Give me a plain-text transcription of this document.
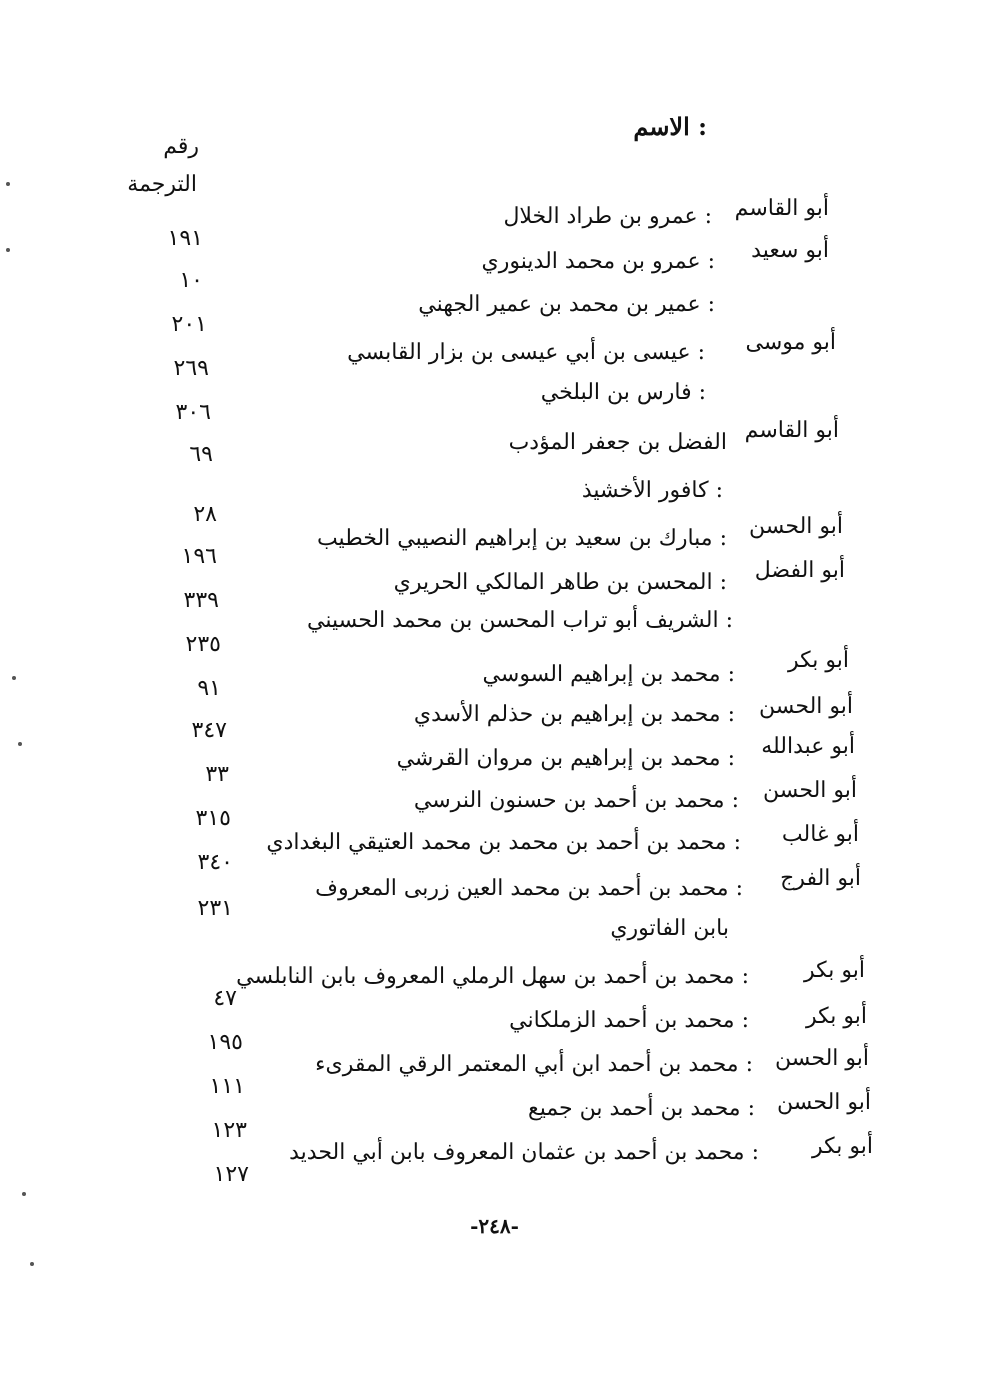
: الاسم
رقم
الترجمة
أبو القاسم
: عمرو بن طراد الخلال
١٩١	أبو سعيد
: عمرو بن محمد الدينوري
١٠
: عمير بن محمد بن عمير الجهني
٢٠١
أبو موسى
: عيسى بن أبي عيسى بن بزار القابسي
٢٦٩
: فارس بن البلخي
٣٠٦
أبو القاسم
الفضل بن جعفر المؤدب
٦٩
: كافور الأخشيذ
٢٨	أبو الحسن
: مبارك بن سعيد بن إبراهيم النصيبي الخطيب
١٩٦
أبو الفضل
: المحسن بن طاهر المالكي الحريري
٣٣٩
: الشريف أبو تراب المحسن بن محمد الحسيني
٢٣٥
أبو بكر
: محمد بن إبراهيم السوسي
٩١
أبو الحسن
: محمد بن إبراهيم بن حذلم الأسدي
٣٤٧
أبو عبدالله
: محمد بن إبراهيم بن مروان القرشي
٣٣
أبو الحسن
: محمد بن أحمد بن حسنون النرسي
٣١٥
أبو غالب
: محمد بن أحمد بن محمد بن محمد العتيقي البغدادي
٣٤٠
أبو الفرج
: محمد بن أحمد بن محمد العين زربى المعروف
بابن الفاتوري
٢٣١
أبو بكر
: محمد بن أحمد بن سهل الرملي المعروف بابن النابلسي
٤٧
أبو بكر
: محمد بن أحمد الزملكاني
١٩٥
أبو الحسن
: محمد بن أحمد ابن أبي المعتمر الرقي المقرىء
١١١
أبو الحسن
: محمد بن أحمد بن جميع
١٢٣
أبو بكر
: محمد بن أحمد بن عثمان المعروف بابن أبي الحديد
١٢٧
-٢٤٨-
